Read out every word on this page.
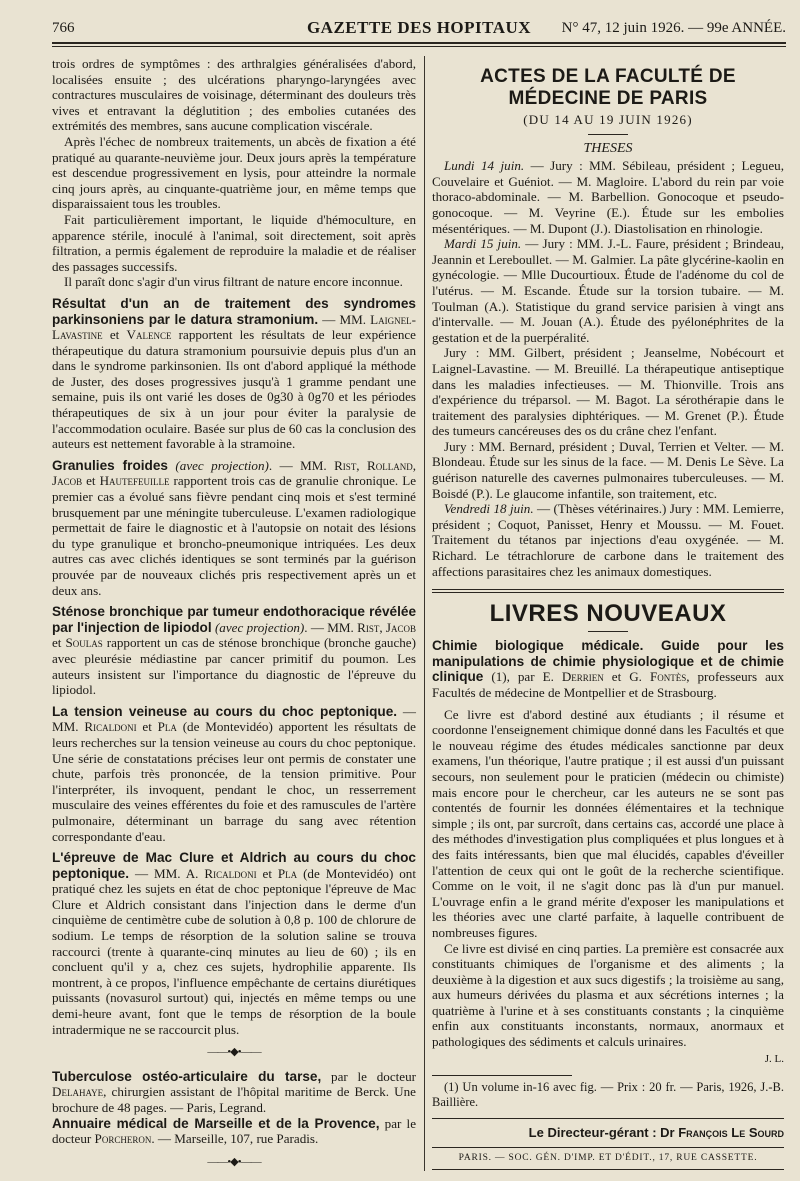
766	GAZETTE DES HOPITAUX	N° 47, 12 juin 1926. — 99e ANNÉE.

trois ordres de symptômes : des arthralgies généralisées d'abord, localisées ensuite ; des ulcérations pharyngo-laryngées avec contractures musculaires de voisinage, déterminant des douleurs très vives et entravant la déglutition ; des embolies cutanées des extrémités des membres, sans aucune complication viscérale.

Après l'échec de nombreux traitements, un abcès de fixation a été pratiqué au quarante-neuvième jour. Deux jours après la température est descendue progressivement en lysis, pour atteindre la normale cinq jours après, au cinquante-quatrième jour, en même temps que disparaissaient tous les troubles.

Fait particulièrement important, le liquide d'hémoculture, en apparence stérile, inoculé à l'animal, soit directement, soit après filtration, a permis également de reproduire la maladie et de réaliser des passages successifs.

Il paraît donc s'agir d'un virus filtrant de nature encore inconnue.

Résultat d'un an de traitement des syndromes parkinsoniens par le datura stramonium. — MM. Laignel-Lavastine et Valence rapportent les résultats de leur expérience thérapeutique du datura stramonium poursuivie depuis plus d'un an dans le syndrome parkinsonien. Ils ont d'abord appliqué la méthode de Juster, des doses progressives jusqu'à 1 gramme pendant une semaine, puis ils ont varié les doses de 0g30 à 0g70 et les périodes thérapeutiques de six à un jour pour éviter la paralysie de l'accommodation oculaire. Basée sur plus de 60 cas la conclusion des auteurs est nettement favorable à la stramoine.

Granulies froides (avec projection). — MM. Rist, Rolland, Jacob et Hautefeuille rapportent trois cas de granulie chronique. Le premier cas a évolué sans fièvre pendant cinq mois et s'est terminé brusquement par une méningite tuberculeuse. L'examen radiologique permettait de faire le diagnostic et à l'autopsie on notait des lésions du type granulique et broncho-pneumonique intriquées. Les deux autres cas avec clichés identiques se sont terminés par la guérison prouvée par de nouveaux clichés pris respectivement après un et deux ans.

Sténose bronchique par tumeur endothoracique révélée par l'injection de lipiodol (avec projection). — MM. Rist, Jacob et Soulas rapportent un cas de sténose bronchique (bronche gauche) avec pleurésie médiastine par cancer primitif du poumon. Les auteurs insistent sur l'importance du diagnostic de l'épreuve du lipiodol.

La tension veineuse au cours du choc peptonique. — MM. Ricaldoni et Pla (de Montevidéo) apportent les résultats de leurs recherches sur la tension veineuse au cours du choc peptonique. Une série de constatations précises leur ont permis de constater une chute, parfois très prononcée, de la tension primitive. Pour l'interpréter, ils invoquent, pendant le choc, un resserrement musculaire des veines efférentes du foie et des ramuscules de l'artère pulmonaire, déterminant un barrage du sang avec rétention correspondante d'eau.

L'épreuve de Mac Clure et Aldrich au cours du choc peptonique. — MM. A. Ricaldoni et Pla (de Montevidéo) ont pratiqué chez les sujets en état de choc peptonique l'épreuve de Mac Clure et Aldrich consistant dans l'injection dans le derme d'un cinquième de centimètre cube de solution à 0,8 p. 100 de chlorure de sodium. Le temps de résorption de la solution saline se trouva raccourci (trente à quarante-cinq minutes au lieu de 60) ; ils en concluent qu'il y a, chez ces sujets, hydrophilie apparente. Ils montrent, à ce propos, l'influence empêchante de certains diurétiques puissants (novasurol surtout) qui, injectés en même temps ou une demi-heure avant, font que le temps de résorption de la boule intradermique ne se raccourcit plus.

——•◆•——

Tuberculose ostéo-articulaire du tarse, par le docteur Delahaye, chirurgien assistant de l'hôpital maritime de Berck. Une brochure de 48 pages. — Paris, Legrand.

Annuaire médical de Marseille et de la Provence, par le docteur Porcheron. — Marseille, 107, rue Paradis.

——•◆•——
ACTES DE LA FACULTÉ DE MÉDECINE DE PARIS
(DU 14 AU 19 JUIN 1926)
THESES

Lundi 14 juin. — Jury : MM. Sébileau, président ; Legueu, Couvelaire et Guéniot. — M. Magloire. L'abord du rein par voie thoraco-abdominale. — M. Barbellion. Gonocoque et pseudo-gonocoque. — M. Veyrine (E.). Étude sur les embolies mésentériques. — M. Dupont (J.). Diastolisation en rhinologie.

Mardi 15 juin. — Jury : MM. J.-L. Faure, président ; Brindeau, Jeannin et Lereboullet. — M. Galmier. La pâte glycérine-kaolin en gynécologie. — Mlle Ducourtioux. Étude de l'adénome du col de l'utérus. — M. Escande. Étude sur la torsion tubaire. — M. Toulman (A.). Statistique du grand service parisien à vingt ans d'intervalle. — M. Jouan (A.). Étude des pyélonéphrites de la gestation et de la puerpéralité.

Jury : MM. Gilbert, président ; Jeanselme, Nobécourt et Laignel-Lavastine. — M. Breuillé. La thérapeutique antiseptique dans les maladies infectieuses. — M. Thionville. Trois ans d'expérience du tréparsol. — M. Bagot. La sérothérapie dans le traitement des paralysies diphtériques. — M. Grenet (P.). Étude des tumeurs cancéreuses des os du crâne chez l'enfant.

Jury : MM. Bernard, président ; Duval, Terrien et Velter. — M. Blondeau. Étude sur les sinus de la face. — M. Denis Le Sève. La guérison naturelle des cavernes pulmonaires tuberculeuses. — M. Boisdé (P.). Le glaucome infantile, son traitement, etc.

Vendredi 18 juin. — (Thèses vétérinaires.) Jury : MM. Lemierre, président ; Coquot, Panisset, Henry et Moussu. — M. Fouet. Traitement du tétanos par injections d'eau oxygénée. — M. Richard. Le tétrachlorure de carbone dans le traitement des affections parasitaires chez les animaux domestiques.

LIVRES NOUVEAUX

Chimie biologique médicale. Guide pour les manipulations de chimie physiologique et de chimie clinique (1), par E. Derrien et G. Fontès, professeurs aux Facultés de médecine de Montpellier et de Strasbourg.

Ce livre est d'abord destiné aux étudiants ; il résume et coordonne l'enseignement chimique donné dans les Facultés et que le nouveau régime des études médicales sanctionne par deux examens, l'un théorique, l'autre pratique ; il est aussi d'un puissant secours, non seulement pour le praticien (médecin ou chimiste) mais encore pour le chercheur, car les auteurs ne se sont pas contentés de fournir les données élémentaires et la technique simple ; ils ont, par surcroît, dans certains cas, accordé une place à des méthodes d'investigation plus compliquées et plus longues et à des faits intéressants, bien que mal élucidés, capables d'éveiller l'attention de ceux qui ont le goût de la recherche scientifique. Comme on le voit, il ne s'agit donc pas là d'un pur manuel. L'ouvrage enfin a le grand mérite d'exposer les manipulations et les théories avec une clarté parfaite, à laquelle contribuent de nombreuses figures.

Ce livre est divisé en cinq parties. La première est consacrée aux constituants chimiques de l'organisme et des aliments ; la deuxième à la digestion et aux sucs digestifs ; la troisième au sang, aux humeurs dérivées du plasma et aux sécrétions internes ; la quatrième à l'urine et à ses constituants constants ; la cinquième enfin aux constituants inconstants, normaux, anormaux et pathologiques des sédiments et calculs urinaires.

J. L.

(1) Un volume in-16 avec fig. — Prix : 20 fr. — Paris, 1926, J.-B. Baillière.

Le Directeur-gérant : Dr François Le Sourd
PARIS. — SOC. GÉN. D'IMP. ET D'ÉDIT., 17, RUE CASSETTE.
